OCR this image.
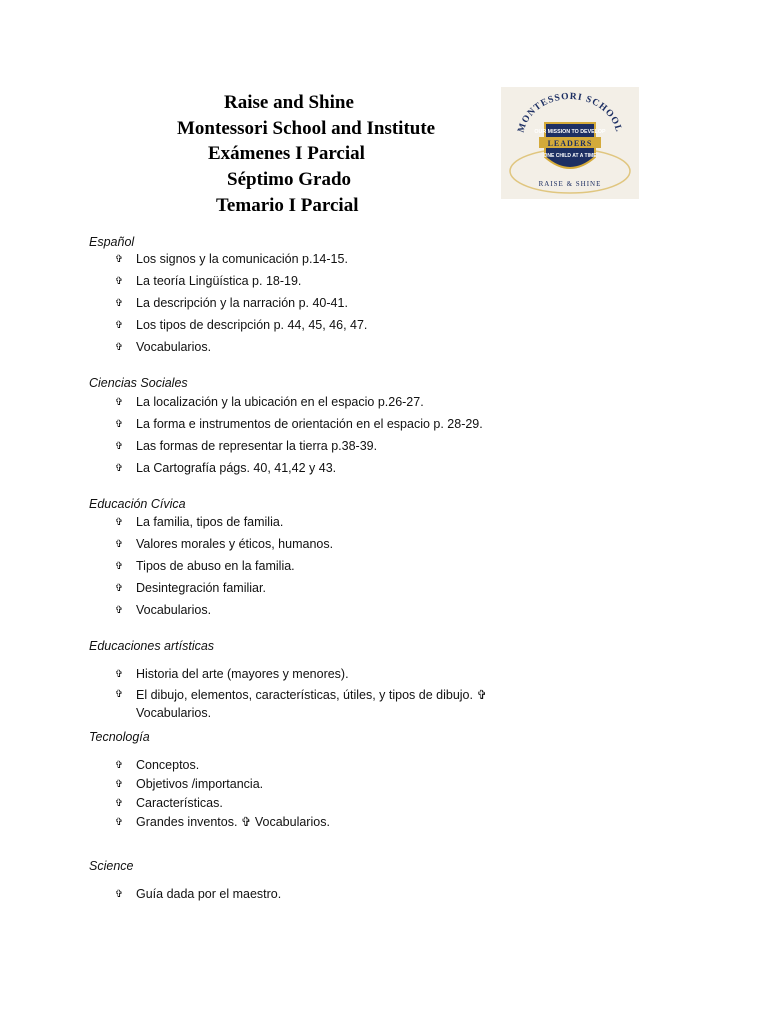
Raise and Shine
Montessori School and Institute
Exámenes I Parcial
Séptimo Grado
Temario I Parcial
MONTESSORI SCHOOL
OUR MISSION TO DEVELOP
LEADERS
ONE CHILD AT A TIME
RAISE & SHINE
Español
✞ Los signos y la comunicación p.14-15.
✞ La teoría Lingüística p. 18-19.
✞ La descripción y la narración p. 40-41.
✞ Los tipos de descripción p. 44, 45, 46, 47.
✞ Vocabularios.
Ciencias Sociales
✞ La localización y la ubicación en el espacio p.26-27.
✞ La forma e instrumentos de orientación en el espacio p. 28-29.
✞ Las formas de representar la tierra p.38-39.
✞ La Cartografía págs. 40, 41,42 y 43.
Educación Cívica
✞ La familia, tipos de familia.
✞ Valores morales y éticos, humanos.
✞ Tipos de abuso en la familia.
✞ Desintegración familiar.
✞ Vocabularios.
Educaciones artísticas
✞ Historia del arte (mayores y menores).
✞ El dibujo, elementos, características, útiles, y tipos de dibujo. ✞ Vocabularios.
Tecnología
✞ Conceptos.
✞ Objetivos /importancia.
✞ Características.
✞ Grandes inventos. ✞ Vocabularios.
Science
✞ Guía dada por el maestro.
